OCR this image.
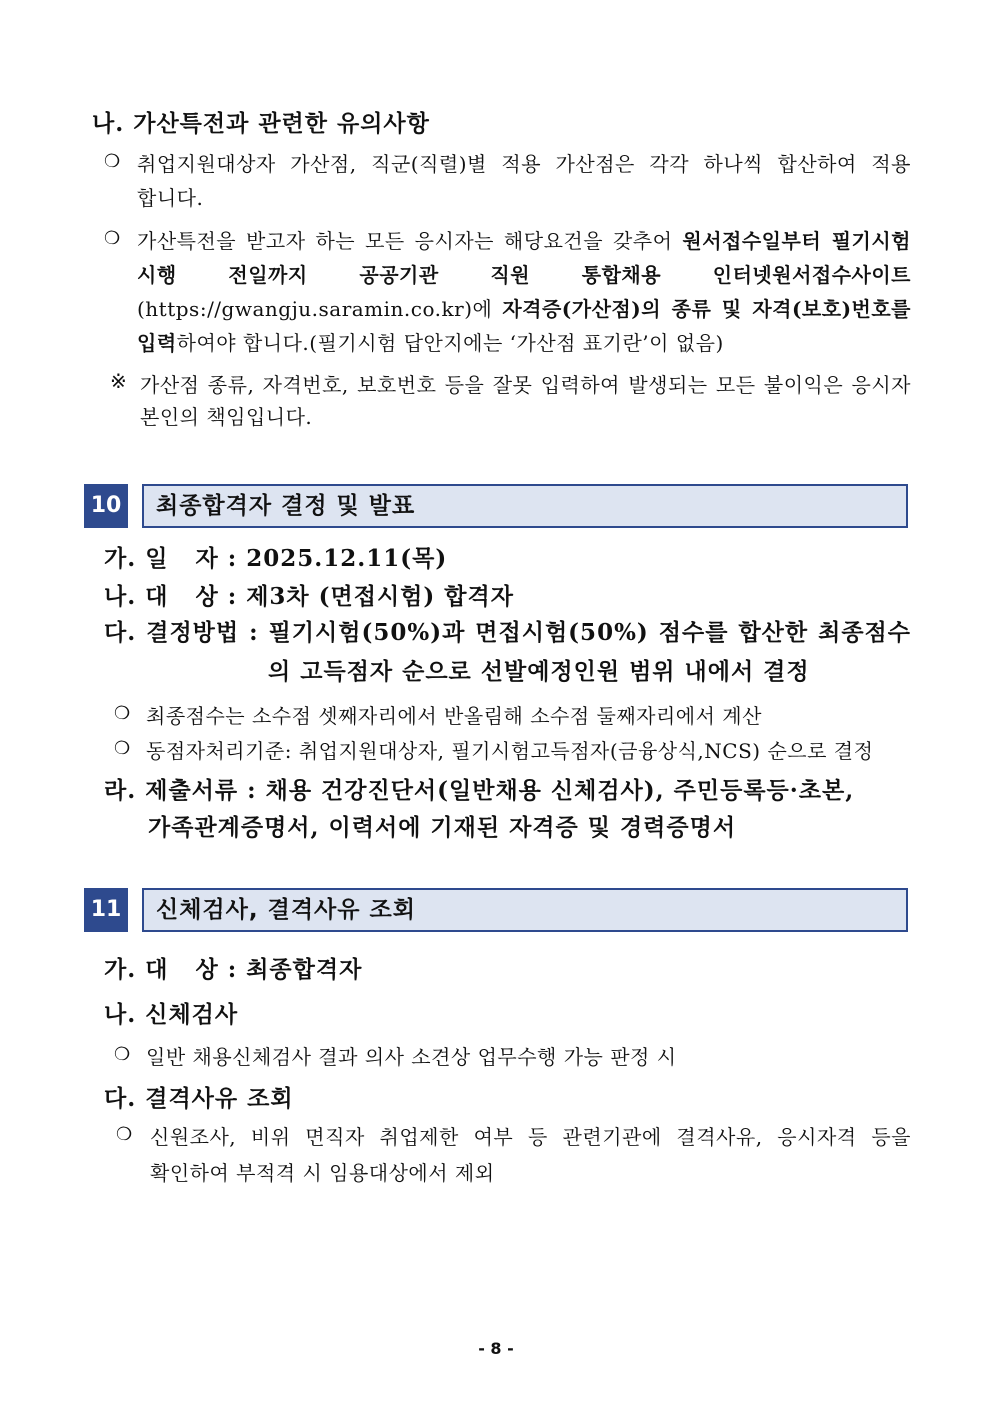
나. 가산특전과 관련한 유의사항
❍ 취업지원대상자 가산점, 직군(직렬)별 적용 가산점은 각각 하나씩 합산하여 적용
합니다.
❍ 가산특전을 받고자 하는 모든 응시자는 해당요건을 갖추어 원서접수일부터 필기시험
시행 전일까지 공공기관 직원 통합채용 인터넷원서접수사이트
(https://gwangju.saramin.co.kr)에 자격증(가산점)의 종류 및 자격(보호)번호를
입력하여야 합니다.(필기시험 답안지에는 ‘가산점 표기란’이 없음)
※ 가산점 종류, 자격번호, 보호번호 등을 잘못 입력하여 발생되는 모든 불이익은 응시자
본인의 책임입니다.
10	최종합격자 결정 및 발표
가. 일   자 : 2025.12.11(목)
나. 대   상 : 제3차 (면접시험) 합격자
다. 결정방법 : 필기시험(50%)과 면접시험(50%) 점수를 합산한 최종점수
의 고득점자 순으로 선발예정인원 범위 내에서 결정
❍ 최종점수는 소수점 셋째자리에서 반올림해 소수점 둘째자리에서 계산
❍ 동점자처리기준: 취업지원대상자, 필기시험고득점자(금융상식,NCS) 순으로 결정
라. 제출서류 : 채용 건강진단서(일반채용 신체검사), 주민등록등·초본,
가족관계증명서, 이력서에 기재된 자격증 및 경력증명서
11	신체검사, 결격사유 조회
가. 대   상 : 최종합격자
나. 신체검사
❍ 일반 채용신체검사 결과 의사 소견상 업무수행 가능 판정 시
다. 결격사유 조회
❍ 신원조사, 비위 면직자 취업제한 여부 등 관련기관에 결격사유, 응시자격 등을
확인하여 부적격 시 임용대상에서 제외
- 8 -
